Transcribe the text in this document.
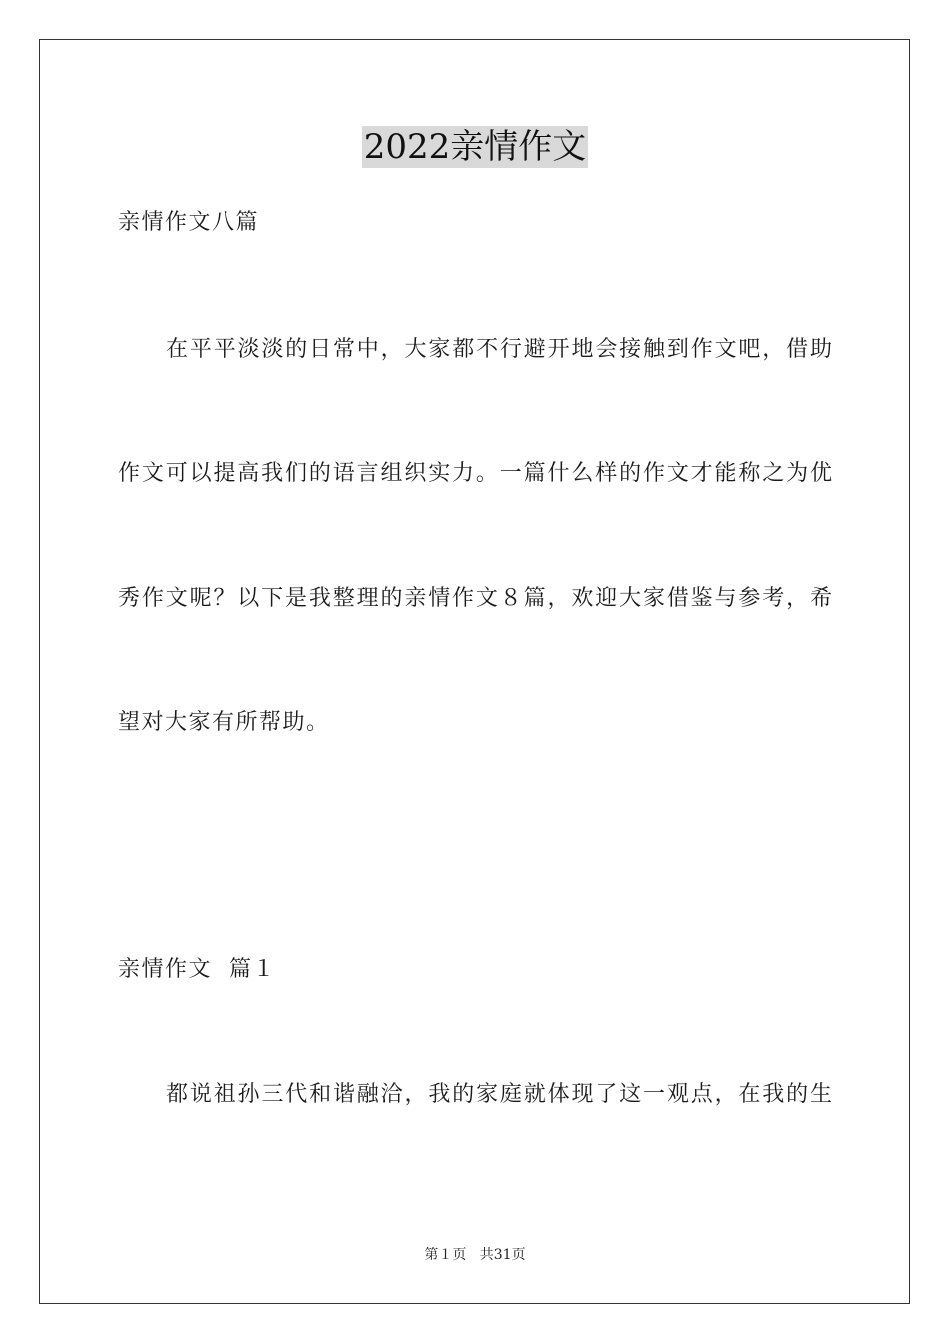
2022亲情作文
亲情作文八篇
在平平淡淡的日常中，大家都不行避开地会接触到作文吧，借助
作文可以提高我们的语言组织实力。一篇什么样的作文才能称之为优
秀作文呢？以下是我整理的亲情作文８篇，欢迎大家借鉴与参考，希
望对大家有所帮助。
亲情作文  篇１
都说祖孙三代和谐融洽，我的家庭就体现了这一观点，在我的生
第１页 共31页
